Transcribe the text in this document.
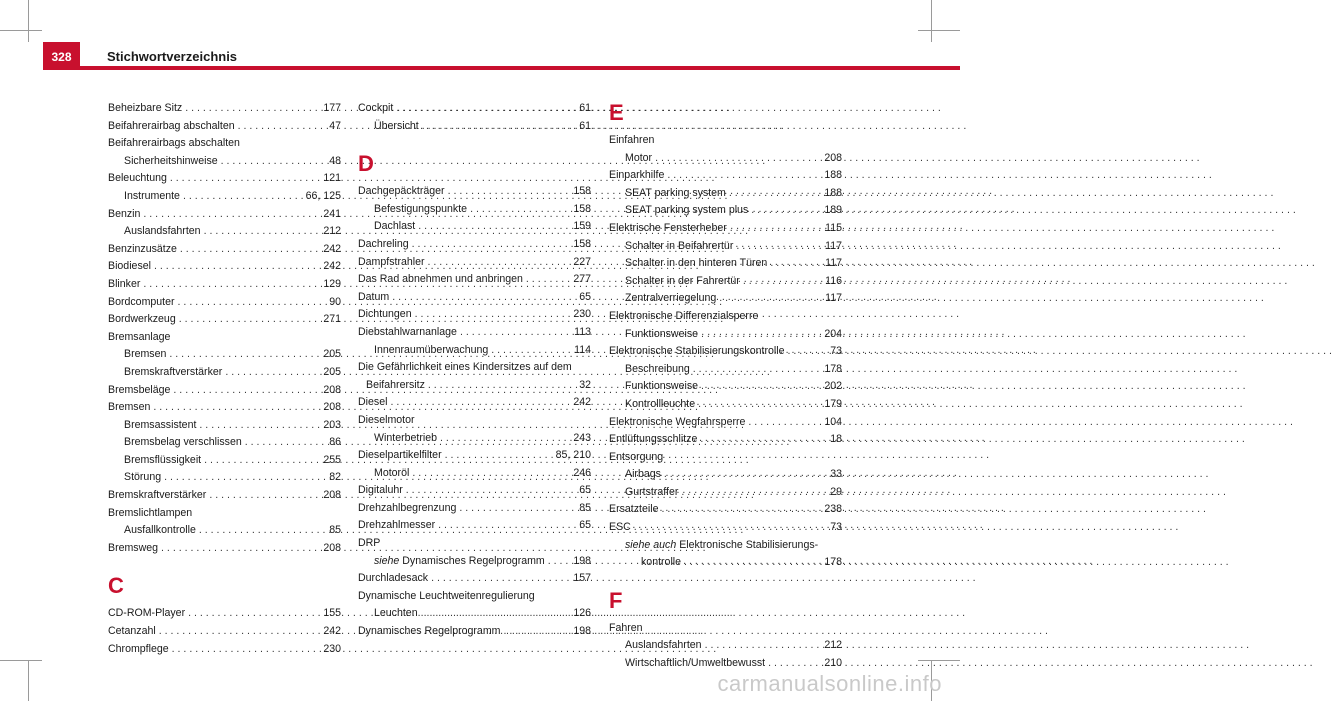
328	Stichwortverzeichnis
Beheizbare Sitz . . .	177
Beifahrerairbag abschalten . . .	47
Beifahrerairbags abschalten
Sicherheitshinweise . . .	48
Beleuchtung . . .	121
Instrumente . . .	66, 125
Benzin . . .	241
Auslandsfahrten . . .	212
Benzinzusätze . . .	242
Biodiesel . . .	242
Blinker . . .	129
Bordcomputer . . .	90
Bordwerkzeug . . .	271
Bremsanlage
Bremsen . . .	205
Bremskraftverstärker . . .	205
Bremsbeläge . . .	208
Bremsen . . .	208
Bremsassistent . . .	203
Bremsbelag verschlissen . . .	86
Bremsflüssigkeit . . .	255
Störung . . .	82
Bremskraftverstärker . . .	208
Bremslichtlampen
Ausfallkontrolle . . .	85
Bremsweg . . .	208
C
CD-ROM-Player . . .	155
Cetanzahl . . .	242
Chrompflege . . .	230
Cockpit . . .	61
Übersicht . . .	61
D
Dachgepäckträger . . .	158
Befestigungspunkte . . .	158
Dachlast . . .	159
Dachreling . . .	158
Dampfstrahler . . .	227
Das Rad abnehmen und anbringen . . .	277
Datum . . .	65
Dichtungen . . .	230
Diebstahlwarnanlage . . .	113
Innenraumüberwachung . . .	114
Die Gefährlichkeit eines Kindersitzes auf dem
Beifahrersitz . . .	32
Diesel . . .	242
Dieselmotor
Winterbetrieb . . .	243
Dieselpartikelfilter . . .	85, 210
Motoröl . . .	246
Digitaluhr . . .	65
Drehzahlbegrenzung . . .	85
Drehzahlmesser . . .	65
DRP
siehe Dynamisches Regelprogramm . . .	198
Durchladesack . . .	157
Dynamische Leuchtweitenregulierung
Leuchten . . .	126
Dynamisches Regelprogramm . . .	198
E
Einfahren
Motor . . .	208
Einparkhilfe . . .	188
SEAT parking system . . .	188
SEAT parking system plus . . .	189
Elektrische Fensterheber . . .	115
Schalter in Beifahrertür . . .	117
Schalter in den hinteren Türen . . .	117
Schalter in der Fahrertür . . .	116
Zentralverriegelung . . .	117
Elektronische Differenzialsperre
Funktionsweise . . .	204
Elektronische Stabilisierungskontrolle . . .	73
Beschreibung . . .	178
Funktionsweise . . .	202
Kontrollleuchte . . .	179
Elektronische Wegfahrsperre . . .	104
Entlüftungsschlitze . . .	18
Entsorgung
Airbags . . .	33
Gurtstraffer . . .	29
Ersatzteile . . .	238
ESC . . .	73
siehe auch Elektronische Stabilisierungs-
kontrolle . . .	178
F
Fahren
Auslandsfahrten . . .	212
Wirtschaftlich/Umweltbewusst . . .	210
carmanualsonline.info
